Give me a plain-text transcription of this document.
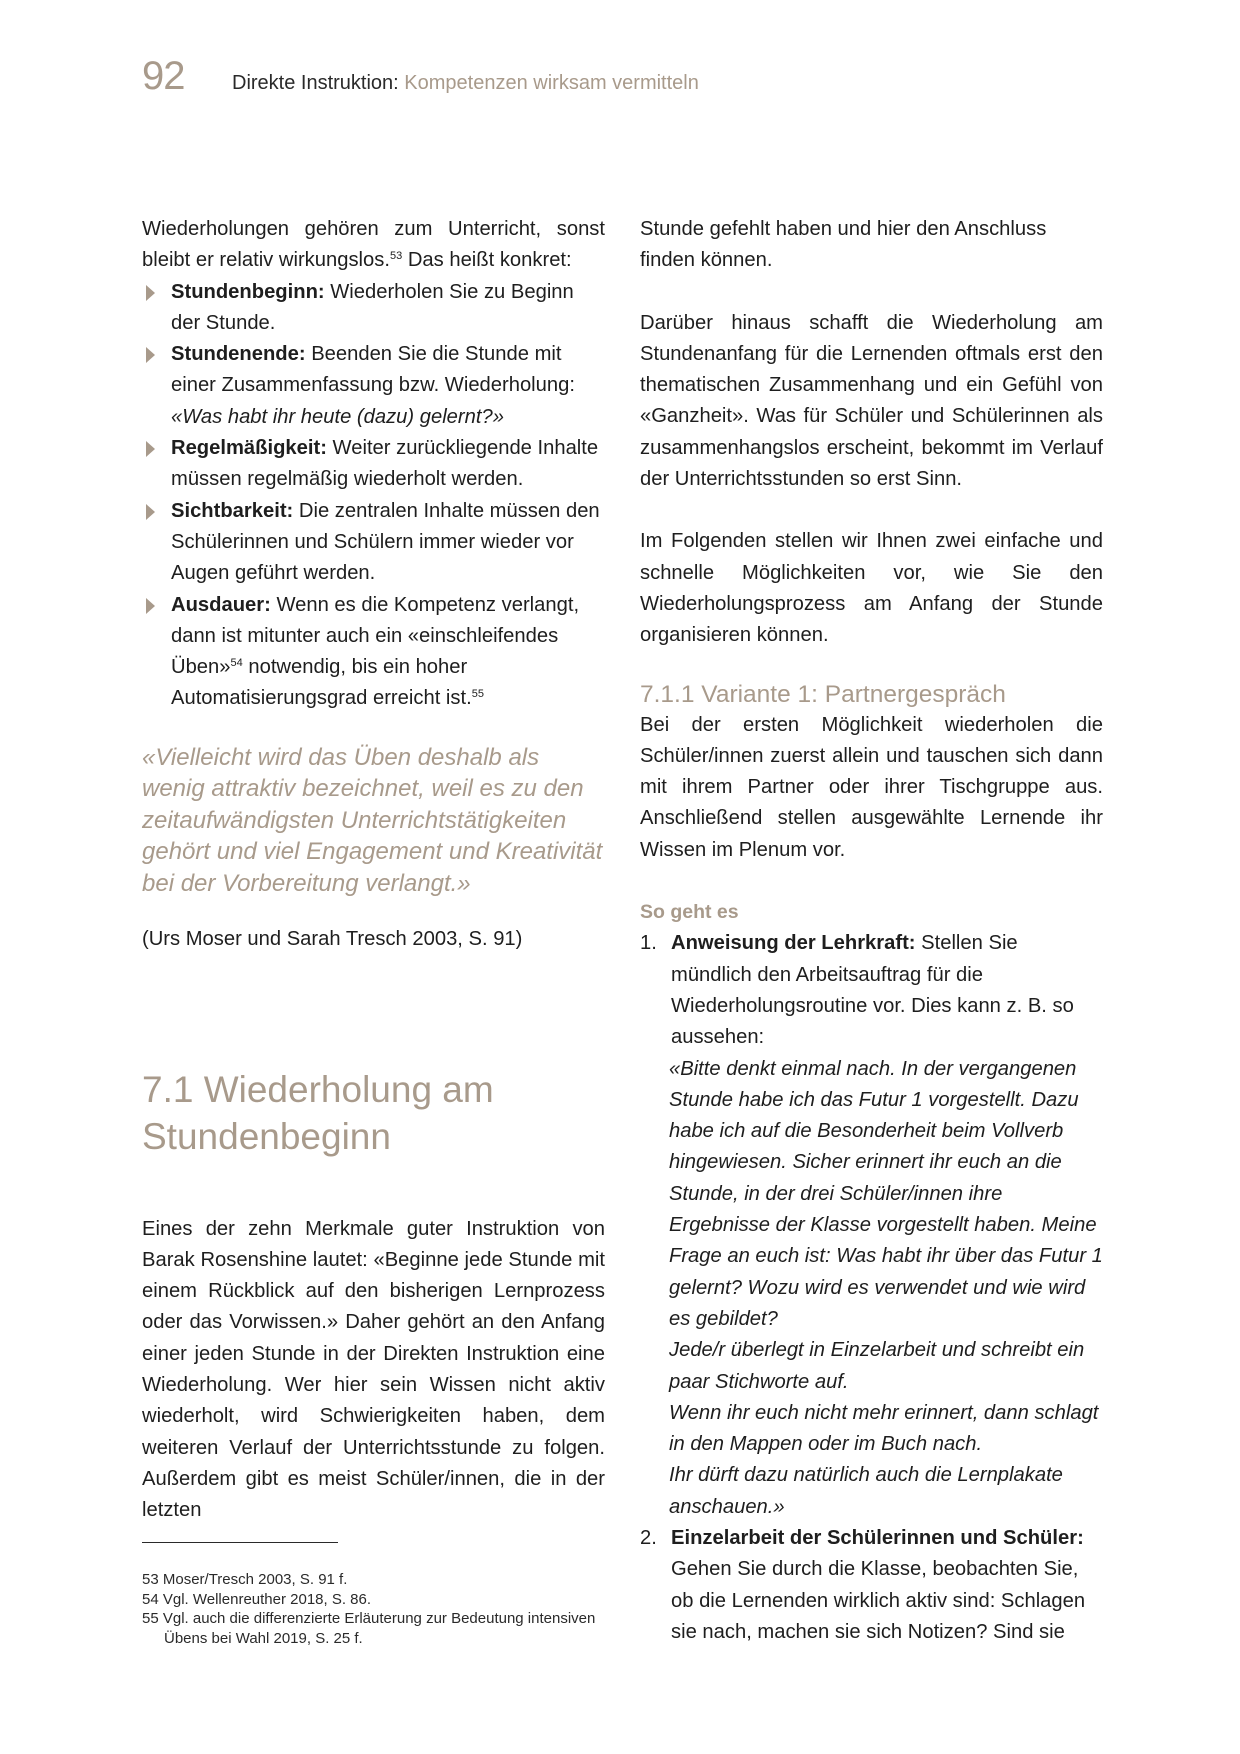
92	Direkte Instruktion: Kompetenzen wirksam vermitteln

Wiederholungen gehören zum Unterricht, sonst bleibt er relativ wirkungslos.$^{53}$ Das heißt konkret:

Stundenbeginn: Wiederholen Sie zu Beginn der Stunde.
Stundenende: Beenden Sie die Stunde mit einer Zusammenfassung bzw. Wiederholung:
«Was habt ihr heute (dazu) gelernt?»
Regelmäßigkeit: Weiter zurückliegende Inhalte müssen regelmäßig wiederholt werden.
Sichtbarkeit: Die zentralen Inhalte müssen den Schülerinnen und Schülern immer wieder vor Augen geführt werden.
Ausdauer: Wenn es die Kompetenz verlangt, dann ist mitunter auch ein «einschleifendes Üben»$^{54}$ notwendig, bis ein hoher Automatisierungsgrad erreicht ist.$^{55}$

«Vielleicht wird das Üben deshalb als wenig attraktiv bezeichnet, weil es zu den zeitaufwändigsten Unterrichtstätigkeiten gehört und viel Engagement und Kreativität bei der Vorbereitung verlangt.»

(Urs Moser und Sarah Tresch 2003, S. 91)

7.1 Wiederholung am Stundenbeginn

Eines der zehn Merkmale guter Instruktion von Barak Rosenshine lautet: «Beginne jede Stunde mit einem Rückblick auf den bisherigen Lernprozess oder das Vorwissen.» Daher gehört an den Anfang einer jeden Stunde in der Direkten Instruktion eine Wiederholung. Wer hier sein Wissen nicht aktiv wiederholt, wird Schwierigkeiten haben, dem weiteren Verlauf der Unterrichtsstunde zu folgen. Außerdem gibt es meist Schüler/innen, die in der letzten

53 Moser/Tresch 2003, S. 91 f.
54 Vgl. Wellenreuther 2018, S. 86.
55 Vgl. auch die differenzierte Erläuterung zur Bedeutung intensiven Übens bei Wahl 2019, S. 25 f.

Stunde gefehlt haben und hier den Anschluss finden können.

Darüber hinaus schafft die Wiederholung am Stundenanfang für die Lernenden oftmals erst den thematischen Zusammenhang und ein Gefühl von «Ganzheit». Was für Schüler und Schülerinnen als zusammenhangslos erscheint, bekommt im Verlauf der Unterrichtsstunden so erst Sinn.

Im Folgenden stellen wir Ihnen zwei einfache und schnelle Möglichkeiten vor, wie Sie den Wiederholungsprozess am Anfang der Stunde organisieren können.

7.1.1 Variante 1: Partnergespräch

Bei der ersten Möglichkeit wiederholen die Schüler/innen zuerst allein und tauschen sich dann mit ihrem Partner oder ihrer Tischgruppe aus. Anschließend stellen ausgewählte Lernende ihr Wissen im Plenum vor.

So geht es
1. Anweisung der Lehrkraft: Stellen Sie mündlich den Arbeitsauftrag für die Wiederholungsroutine vor. Dies kann z. B. so aussehen:
«Bitte denkt einmal nach. In der vergangenen Stunde habe ich das Futur 1 vorgestellt. Dazu habe ich auf die Besonderheit beim Vollverb hingewiesen. Sicher erinnert ihr euch an die Stunde, in der drei Schüler/innen ihre Ergebnisse der Klasse vorgestellt haben. Meine Frage an euch ist: Was habt ihr über das Futur 1 gelernt? Wozu wird es verwendet und wie wird es gebildet?
Jede/r überlegt in Einzelarbeit und schreibt ein paar Stichworte auf.
Wenn ihr euch nicht mehr erinnert, dann schlagt in den Mappen oder im Buch nach.
Ihr dürft dazu natürlich auch die Lernplakate anschauen.»
2. Einzelarbeit der Schülerinnen und Schüler: Gehen Sie durch die Klasse, beobachten Sie, ob die Lernenden wirklich aktiv sind: Schlagen sie nach, machen sie sich Notizen? Sind sie
